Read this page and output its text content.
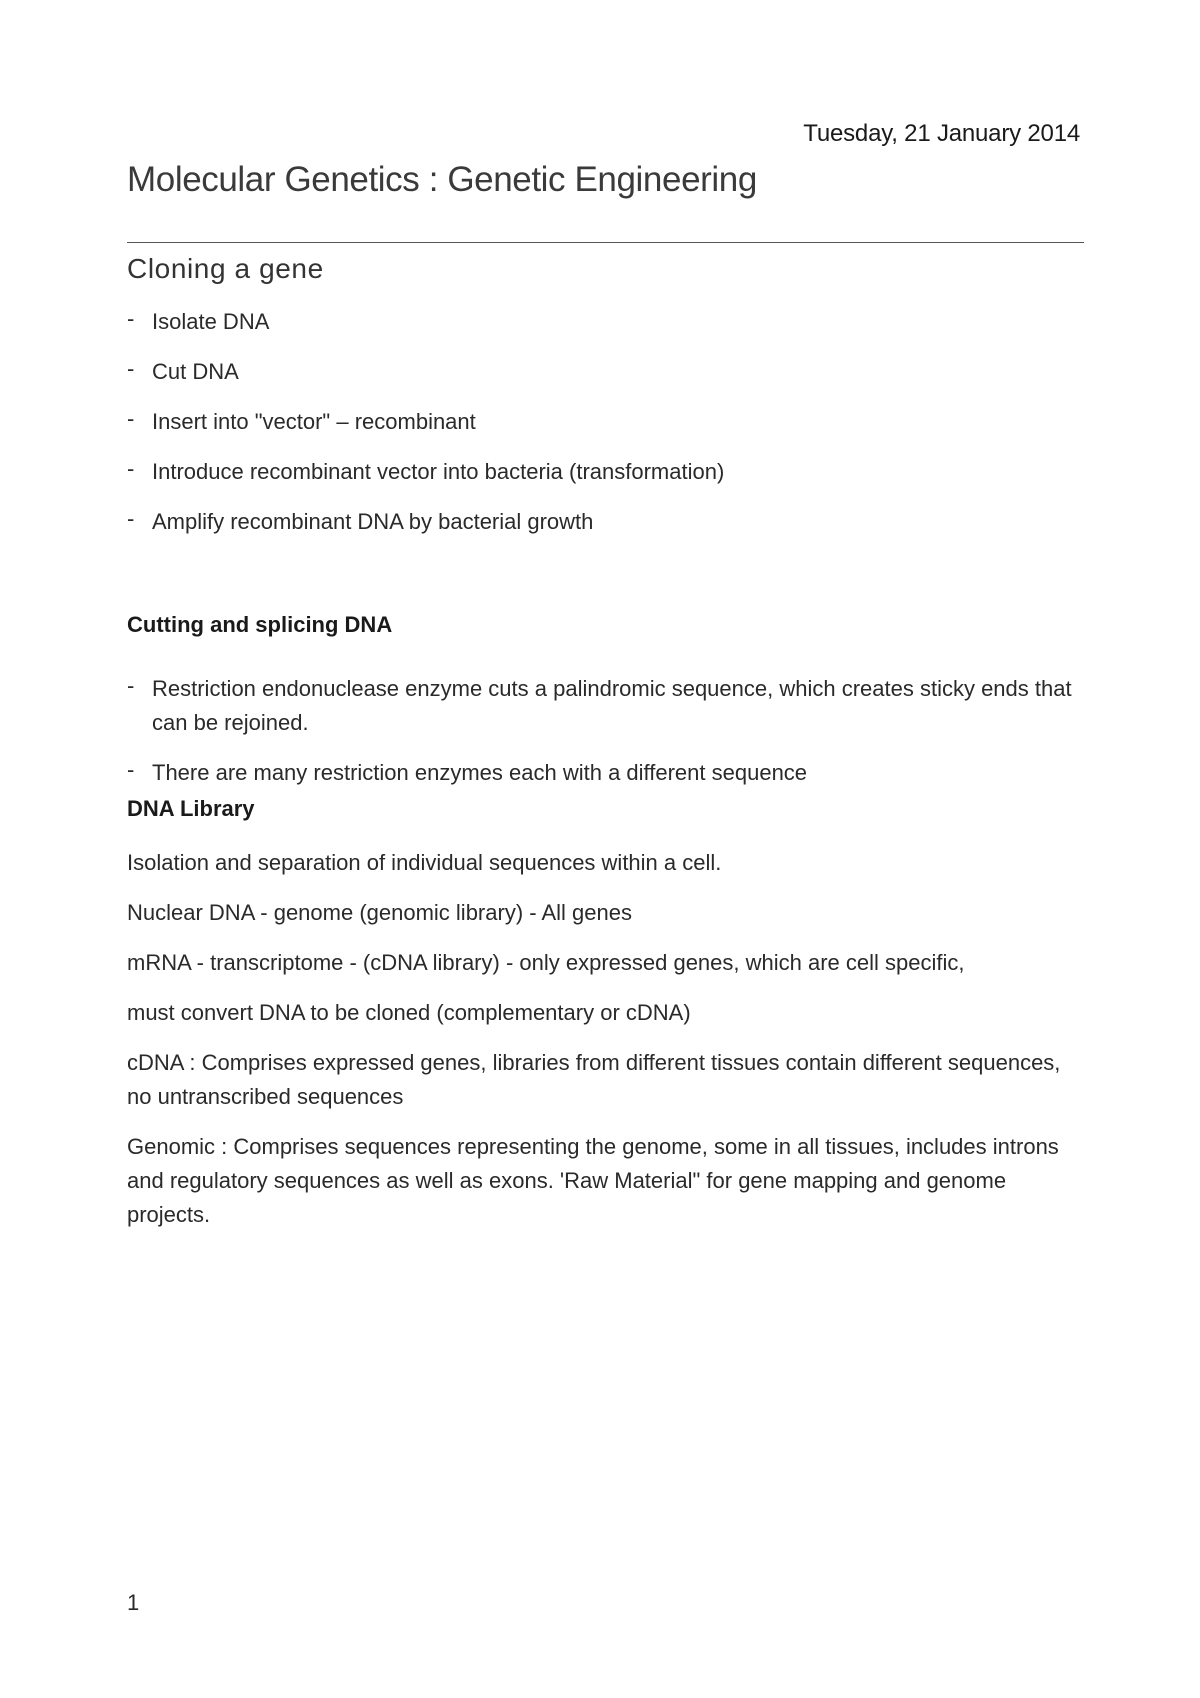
Tuesday, 21 January 2014
Molecular Genetics : Genetic Engineering
Cloning a gene
- Isolate DNA
- Cut DNA
- Insert into "vector" – recombinant
- Introduce recombinant vector into bacteria (transformation)
- Amplify recombinant DNA by bacterial growth
Cutting and splicing DNA
- Restriction endonuclease enzyme cuts a palindromic sequence, which creates sticky ends that can be rejoined.
- There are many restriction enzymes each with a different sequence
DNA Library

Isolation and separation of individual sequences within a cell.

Nuclear DNA - genome (genomic library) - All genes

mRNA - transcriptome - (cDNA library) - only expressed genes, which are cell specific,

must convert DNA to be cloned (complementary or cDNA)

cDNA : Comprises expressed genes, libraries from different tissues contain different sequences, no untranscribed sequences

Genomic : Comprises sequences representing the genome, some in all tissues, includes introns and regulatory sequences as well as exons. 'Raw Material" for gene mapping and genome projects.

1
